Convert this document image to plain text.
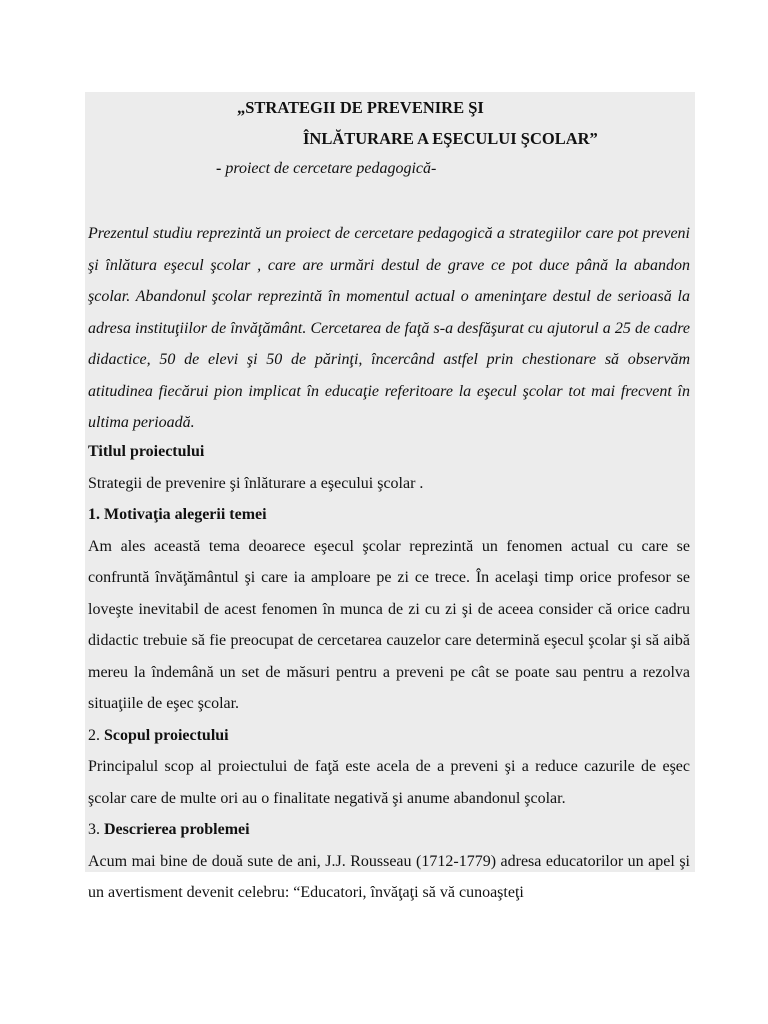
„STRATEGII DE PREVENIRE ŞI
ÎNLĂTURARE A EŞECULUI ŞCOLAR”
- proiect de cercetare pedagogică-

Prezentul studiu reprezintă un proiect de cercetare pedagogică a strategiilor care pot preveni şi înlătura eşecul şcolar , care are urmări destul de grave ce pot duce până la abandon şcolar. Abandonul şcolar reprezintă în momentul actual o ameninţare destul de serioasă la adresa instituţiilor de învăţământ. Cercetarea de faţă s-a desfăşurat cu ajutorul a 25 de cadre didactice, 50 de elevi şi 50 de părinţi, încercând astfel prin chestionare să observăm atitudinea fiecărui pion implicat în educaţie referitoare la eşecul şcolar tot mai frecvent în ultima perioadă.

Titlul proiectului

Strategii de prevenire şi înlăturare a eşecului şcolar .

1. Motivaţia alegerii temei

Am ales această tema deoarece eşecul şcolar reprezintă un fenomen actual cu care se confruntă învăţământul şi care ia amploare pe zi ce trece. În acelaşi timp orice profesor se loveşte inevitabil de acest fenomen în munca de zi cu zi şi de aceea consider că orice cadru didactic trebuie să fie preocupat de cercetarea cauzelor care determină eşecul şcolar şi să aibă mereu la îndemână un set de măsuri pentru a preveni pe cât se poate sau pentru a rezolva situaţiile de eşec şcolar.

2. Scopul proiectului

Principalul scop al proiectului de faţă este acela de a preveni şi a reduce cazurile de eşec şcolar care de multe ori au o finalitate negativă şi anume abandonul şcolar.

3. Descrierea problemei

Acum mai bine de două sute de ani, J.J. Rousseau (1712-1779) adresa educatorilor un apel şi un avertisment devenit celebru: “Educatori, învăţaţi să vă cunoaşteţi
